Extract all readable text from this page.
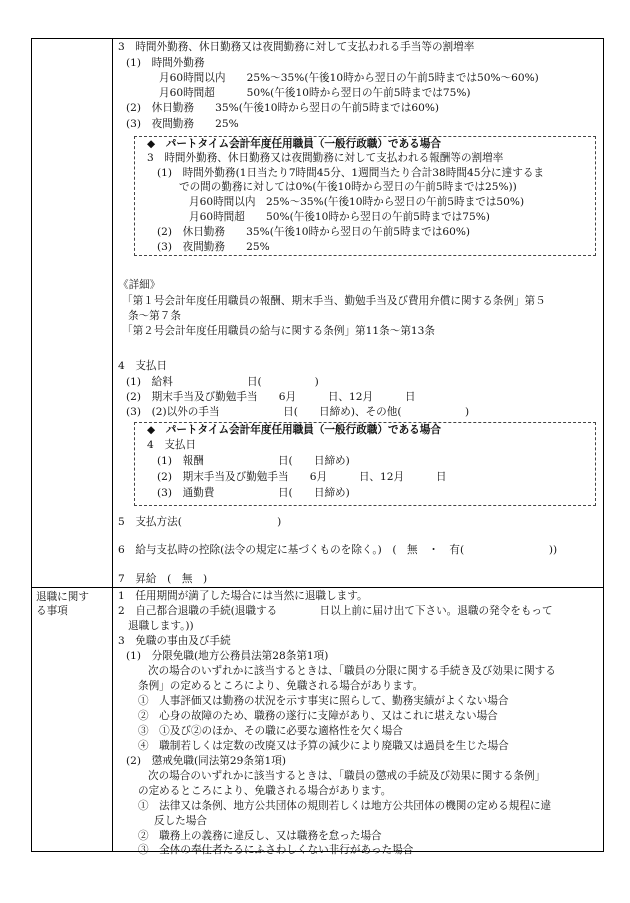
退職に関す
る事項
3　時間外勤務、休日勤務又は夜間勤務に対して支払われる手当等の割増率
(1)　時間外勤務
月60時間以内　　25%～35%(午後10時から翌日の午前5時までは50%～60%)
月60時間超　　　50%(午後10時から翌日の午前5時までは75%)
(2)　休日勤務　　35%(午後10時から翌日の午前5時までは60%)
(3)　夜間勤務　　25%
◆　パートタイム会計年度任用職員（一般行政職）である場合
3　時間外勤務、休日勤務又は夜間勤務に対して支払われる報酬等の割増率
(1)　時間外勤務(1日当たり7時間45分、1週間当たり合計38時間45分に達するま
での間の勤務に対しては0%(午後10時から翌日の午前5時までは25%))
月60時間以内　25%～35%(午後10時から翌日の午前5時までは50%)
月60時間超　　50%(午後10時から翌日の午前5時までは75%)
(2)　休日勤務　　35%(午後10時から翌日の午前5時までは60%)
(3)　夜間勤務　　25%
《詳細》
「第１号会計年度任用職員の報酬、期末手当、勤勉手当及び費用弁償に関する条例」第５
条～第７条
「第２号会計年度任用職員の給与に関する条例」第11条～第13条
4　支払日
(1)　給料　　　　　　　日(　　　　　)
(2)　期末手当及び勤勉手当　　6月　　　日、12月　　　日
(3)　(2)以外の手当　　　　　　日(　　日締め)、その他(　　　　　　)
◆　パートタイム会計年度任用職員（一般行政職）である場合
4　支払日
(1)　報酬　　　　　　　日(　　日締め)
(2)　期末手当及び勤勉手当　　6月　　　日、12月　　　日
(3)　通勤費　　　　　　日(　　日締め)
5　支払方法(　　　　　　　　　)
6　給与支払時の控除(法令の規定に基づくものを除く。)　(　無　・　有(　　　　　　　　))
7　昇給　(　無　)
1　任用期間が満了した場合には当然に退職します。
2　自己都合退職の手続(退職する　　　　日以上前に届け出て下さい。退職の発令をもって
退職します。))
3　免職の事由及び手続
(1)　分限免職(地方公務員法第28条第1項)
次の場合のいずれかに該当するときは、「職員の分限に関する手続き及び効果に関する
条例」の定めるところにより、免職される場合があります。
①　人事評価又は勤務の状況を示す事実に照らして、勤務実績がよくない場合
②　心身の故障のため、職務の遂行に支障があり、又はこれに堪えない場合
③　①及び②のほか、その職に必要な適格性を欠く場合
④　職制若しくは定数の改廃又は予算の減少により廃職又は過員を生じた場合
(2)　懲戒免職(同法第29条第1項)
次の場合のいずれかに該当するときは、「職員の懲戒の手続及び効果に関する条例」
の定めるところにより、免職される場合があります。
①　法律又は条例、地方公共団体の規則若しくは地方公共団体の機関の定める規程に違
反した場合
②　職務上の義務に違反し、又は職務を怠った場合
③　全体の奉仕者たるにふさわしくない非行があった場合
